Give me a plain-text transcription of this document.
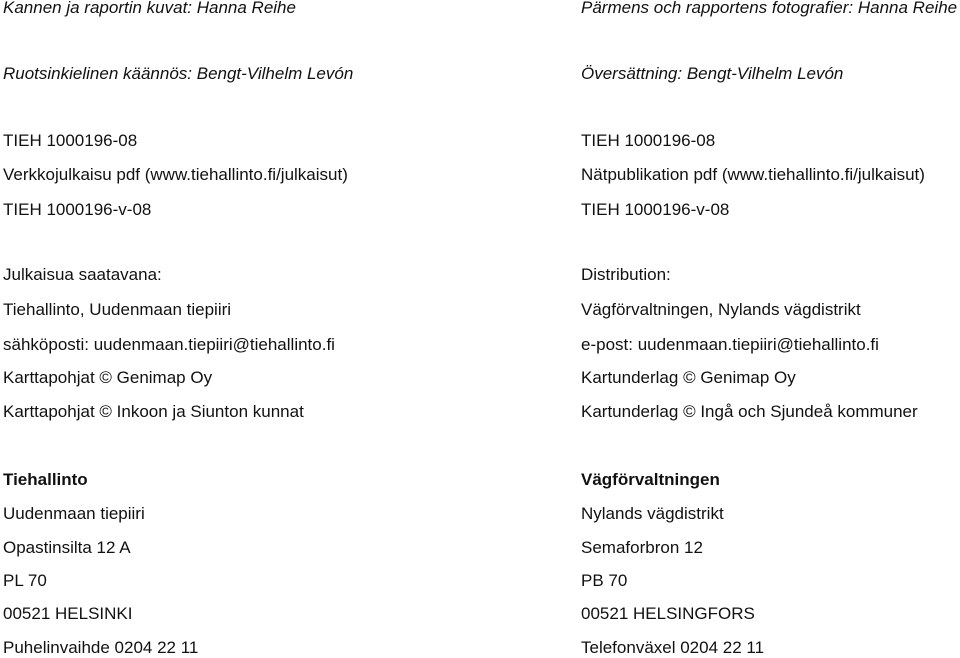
Kannen ja raportin kuvat: Hanna Reihe
Ruotsinkielinen käännös: Bengt-Vilhelm Levón
TIEH 1000196-08
Verkkojulkaisu pdf (www.tiehallinto.fi/julkaisut)
TIEH 1000196-v-08
Julkaisua saatavana:
Tiehallinto, Uudenmaan tiepiiri
sähköposti: uudenmaan.tiepiiri@tiehallinto.fi
Karttapohjat © Genimap Oy
Karttapohjat © Inkoon ja Siunton kunnat
Tiehallinto
Uudenmaan tiepiiri
Opastinsilta 12 A
PL 70
00521 HELSINKI
Puhelinvaihde 0204 22 11
Pärmens och rapportens fotografier: Hanna Reihe
Översättning: Bengt-Vilhelm Levón
TIEH 1000196-08
Nätpublikation pdf (www.tiehallinto.fi/julkaisut)
TIEH 1000196-v-08
Distribution:
Vägförvaltningen, Nylands vägdistrikt
e-post: uudenmaan.tiepiiri@tiehallinto.fi
Kartunderlag © Genimap Oy
Kartunderlag © Ingå och Sjundeå kommuner
Vägförvaltningen
Nylands vägdistrikt
Semaforbron 12
PB 70
00521 HELSINGFORS
Telefonväxel 0204 22 11
